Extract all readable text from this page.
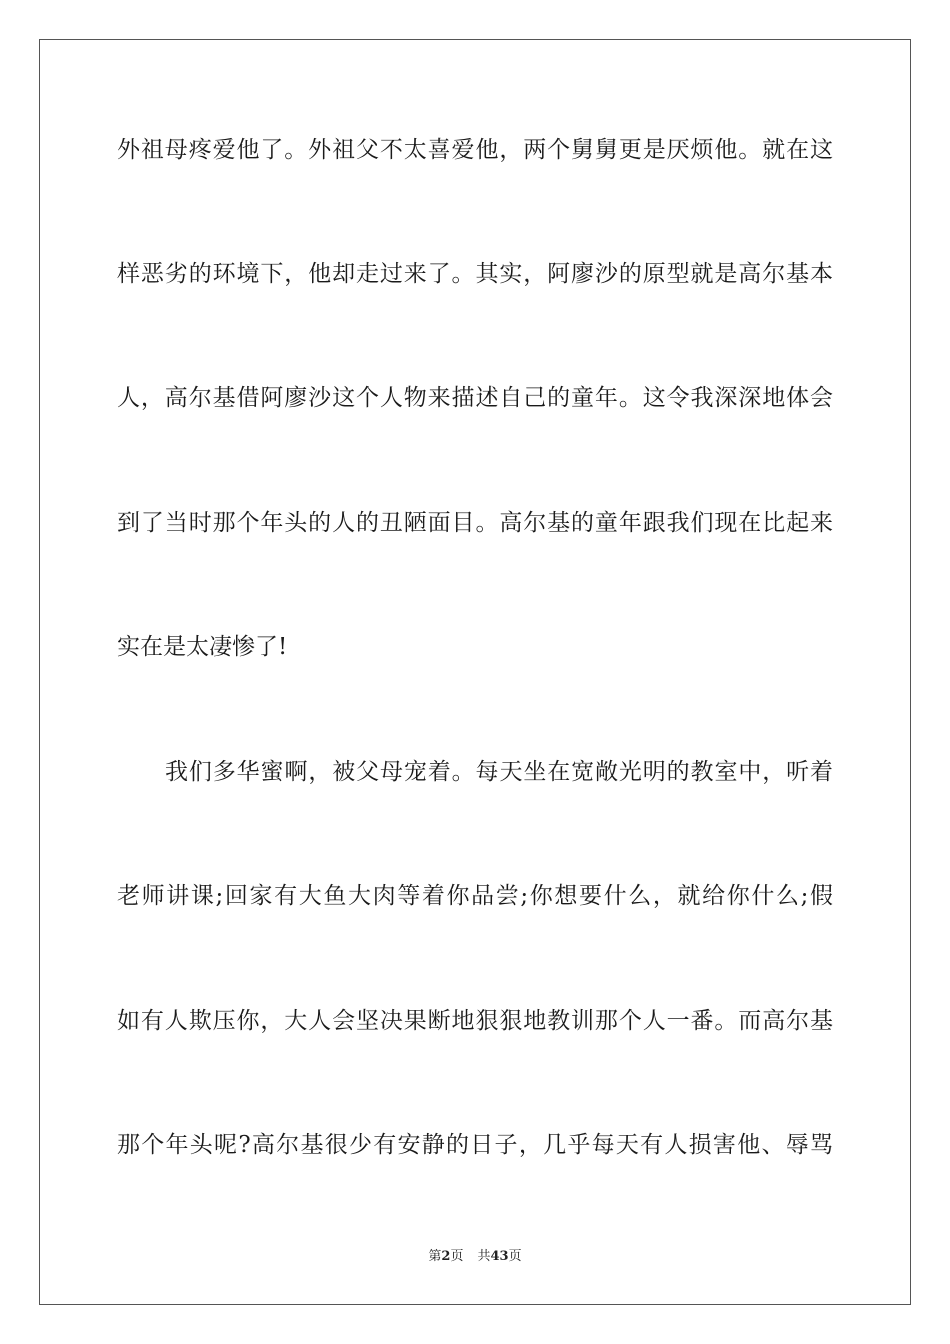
外祖母疼爱他了。外祖父不太喜爱他，两个舅舅更是厌烦他。就在这
样恶劣的环境下，他却走过来了。其实，阿廖沙的原型就是高尔基本
人，高尔基借阿廖沙这个人物来描述自己的童年。这令我深深地体会
到了当时那个年头的人的丑陋面目。高尔基的童年跟我们现在比起来
实在是太凄惨了!
我们多华蜜啊，被父母宠着。每天坐在宽敞光明的教室中，听着
老师讲课;回家有大鱼大肉等着你品尝;你想要什么，就给你什么;假
如有人欺压你，大人会坚决果断地狠狠地教训那个人一番。而高尔基
那个年头呢?高尔基很少有安静的日子，几乎每天有人损害他、辱骂
第2页 共43页
